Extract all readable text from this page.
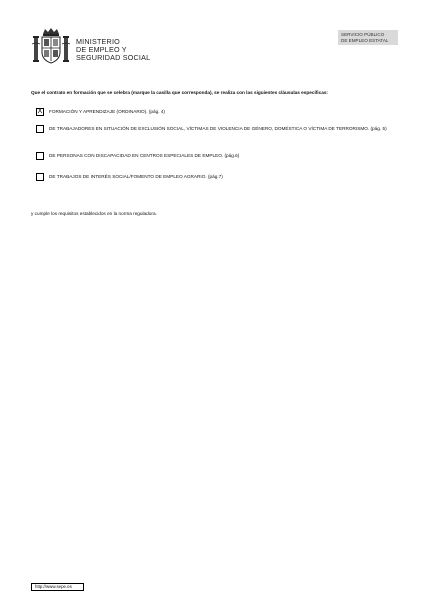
MINISTERIO
DE EMPLEO Y
SEGURIDAD SOCIAL
SERVICIO PÚBLICO
DE EMPLEO ESTATAL
Que el contrato en formación que se celebra (marque la casilla que corresponda), se realiza con las siguientes cláusulas específicas:
X	FORMACIÓN Y APRENDIZAJE (ORDINARIO). (pág. 4)
DE TRABAJADORES EN SITUACIÓN DE EXCLUSIÓN SOCIAL, VÍCTIMAS DE VIOLENCIA DE GÉNERO, DOMÉSTICA O VÍCTIMA DE TERRORISMO. (pág. 5)
DE PERSONAS CON DISCAPACIDAD EN CENTROS ESPECIALES DE EMPLEO. (pág.6)
DE TRABAJOS DE INTERÉS SOCIAL/FOMENTO DE EMPLEO AGRARIO. (pág.7)
y cumple los requisitos establecidos en la norma reguladora.
http://www.sepe.es
